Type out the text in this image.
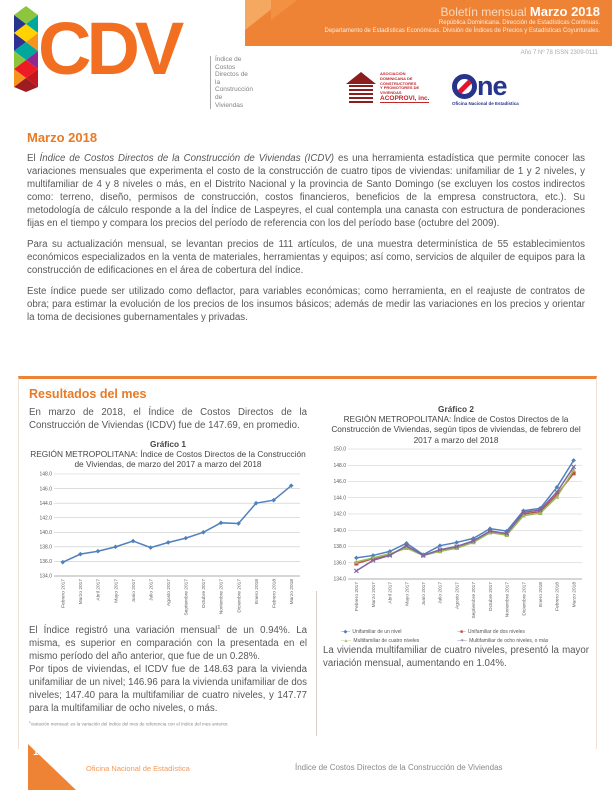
CDV	Índice de Costos
Directos de la
Construcción de
Viviendas
Boletín mensual Marzo 2018
República Dominicana. Dirección de Estadísticas Continuas.
Departamento de Estadísticas Económicas. División de Índices de Precios y Estadísticas Coyunturales.
Año 7 Nº 78 ISSN 2309-0111
ASOCIACIÓN
DOMINICANA DE
CONSTRUCTORES
Y PROMOTORES DE
VIVIENDAS
ACOPROVI, inc. ne
Oficina Nacional de Estadística
Marzo 2018

El Índice de Costos Directos de la Construcción de Viviendas (ICDV) es una herramienta estadística que permite conocer las variaciones mensuales que experimenta el costo de la construcción de cuatro tipos de viviendas: unifamiliar de 1 y 2 niveles, y multifamiliar de 4 y 8 niveles o más, en el Distrito Nacional y la provincia de Santo Domingo (se excluyen los costos indirectos como: terreno, diseño, permisos de construcción, costos financieros, beneficios de la empresa constructora, etc.). Su metodología de cálculo responde a la del Índice de Laspeyres, el cual contempla una canasta con estructura de ponderaciones fijas en el tiempo y compara los precios del período de referencia con los del período base (octubre del 2009).

Para su actualización mensual, se levantan precios de 111 artículos, de una muestra determinística de 55 establecimientos económicos especializados en la venta de materiales, herramientas y equipos; así como, servicios de alquiler de equipos para la construcción de edificaciones en el área de cobertura del índice.

Este índice puede ser utilizado como deflactor, para variables económicas; como herramienta, en el reajuste de contratos de obra; para estimar la evolución de los precios de los insumos básicos; además de medir las variaciones en los precios y orientar la toma de decisiones gubernamentales y privadas.

Resultados del mes

En marzo de 2018, el Índice de Costos Directos de la Construcción de Viviendas (ICDV) fue de 147.69, en promedio.

Gráfico 1
REGIÓN METROPOLITANA: Índice de Costos Directos de la Construcción de Viviendas, de marzo del 2017 a marzo del 2018
134.0
136.0
138.0
140.0
142.0
144.0
146.0
148.0
Febrero 2017	Marzo 2017	Abril 2017	Mayo 2017	Junio 2017	Julio 2017	Agosto 2017	Septiembre 2017	Octubre 2017	Noviembre 2017	Diciembre 2017	Enero 2018	Febrero 2018	Marzo 2018

El Índice registró una variación mensual$^1$ de un 0.94%. La misma, es superior en comparación con la presentada en el mismo período del año anterior, que fue de un 0.28%.

Por tipos de viviendas, el ICDV fue de 148.63 para la vivienda unifamiliar de un nivel; 146.96 para la vivienda unifamiliar de dos niveles; 147.40 para la multifamiliar de cuatro niveles, y 147.77 para la multifamiliar de ocho niveles, o más.

Gráfico 2
REGIÓN METROPOLITANA: Índice de Costos Directos de la Construcción de Viviendas, según tipos de viviendas, de febrero del 2017 a marzo del 2018
134.0
136.0
138.0
140.0
142.0
144.0
146.0
148.0
150.0
Febrero 2017 Marzo 2017 Abril 2017 Mayo 2017 Junio 2017 Julio 2017 Agosto 2017 Septiembre 2017 Octubre 2017 Noviembre 2017 Diciembre 2017 Enero 2018 Febrero 2018 Marzo 2018
─◆─ Unifamiliar de un nivel	─■─ Unifamiliar de dos niveles
─▲─ Multifamiliar de cuatro niveles	─✶─ Multifamiliar de ocho niveles, o más

La vivienda multifamiliar de cuatro niveles, presentó la mayor variación mensual, aumentando en 1.04%.

$^1$Variación mensual: es la variación del índice del mes de referencia con el índice del mes anterior.
1
Oficina Nacional de Estadística	Índice de Costos Directos de la Construcción de Viviendas
